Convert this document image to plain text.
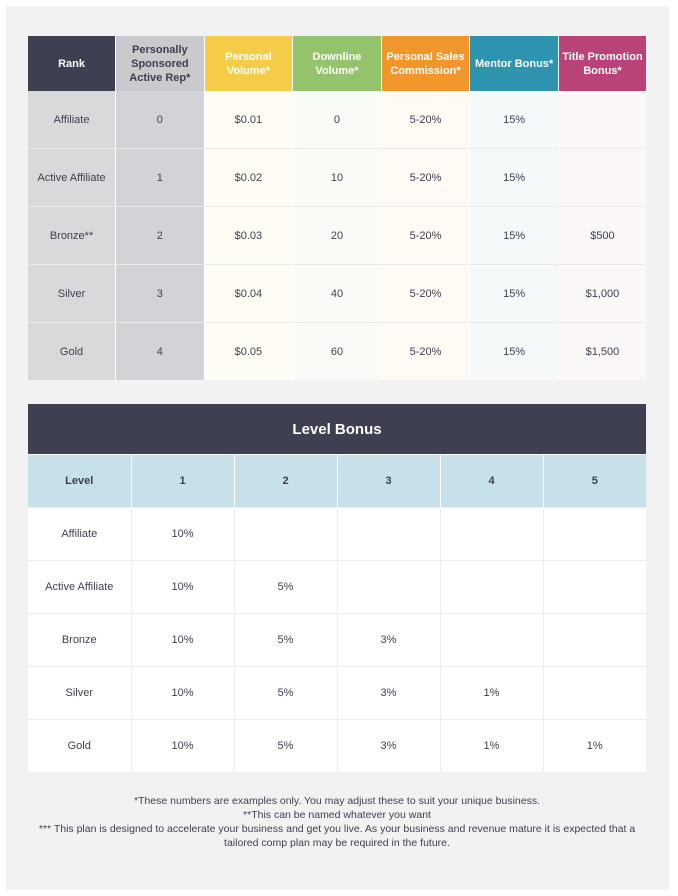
Rank	Personally Sponsored Active Rep*	Personal Volume*	Downline Volume*	Personal Sales Commission*	Mentor Bonus*	Title Promotion Bonus*
Affiliate	0	$0.01	0	5-20%	15%	
Active Affiliate	1	$0.02	10	5-20%	15%	
Bronze**	2	$0.03	20	5-20%	15%	$500
Silver	3	$0.04	40	5-20%	15%	$1,000
Gold	4	$0.05	60	5-20%	15%	$1,500
Level Bonus
Level	1	2	3	4	5
Affiliate	10%				
Active Affiliate	10%	5%			
Bronze	10%	5%	3%		
Silver	10%	5%	3%	1%	
Gold	10%	5%	3%	1%	1%
*These numbers are examples only. You may adjust these to suit your unique business.
**This can be named whatever you want
*** This plan is designed to accelerate your business and get you live. As your business and revenue mature it is expected that a tailored comp plan may be required in the future.
